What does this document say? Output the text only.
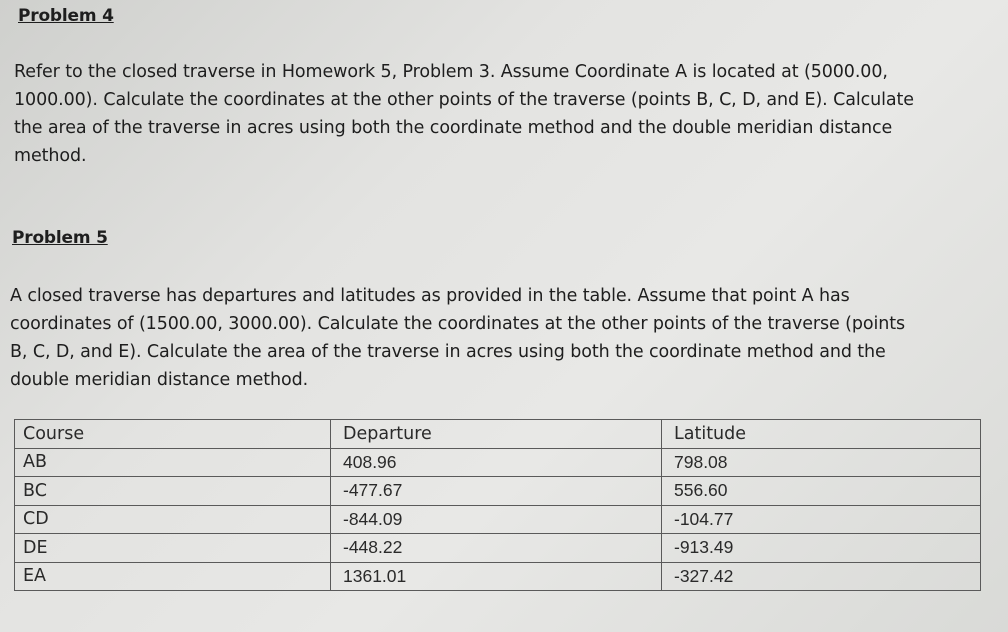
Problem 4
Refer to the closed traverse in Homework 5, Problem 3. Assume Coordinate A is located at (5000.00,
1000.00). Calculate the coordinates at the other points of the traverse (points B, C, D, and E). Calculate
the area of the traverse in acres using both the coordinate method and the double meridian distance
method.
Problem 5
A closed traverse has departures and latitudes as provided in the table. Assume that point A has
coordinates of (1500.00, 3000.00). Calculate the coordinates at the other points of the traverse (points
B, C, D, and E). Calculate the area of the traverse in acres using both the coordinate method and the
double meridian distance method.
Course	Departure	Latitude
AB	408.96	798.08
BC	-477.67	556.60
CD	-844.09	-104.77
DE	-448.22	-913.49
EA	1361.01	-327.42
